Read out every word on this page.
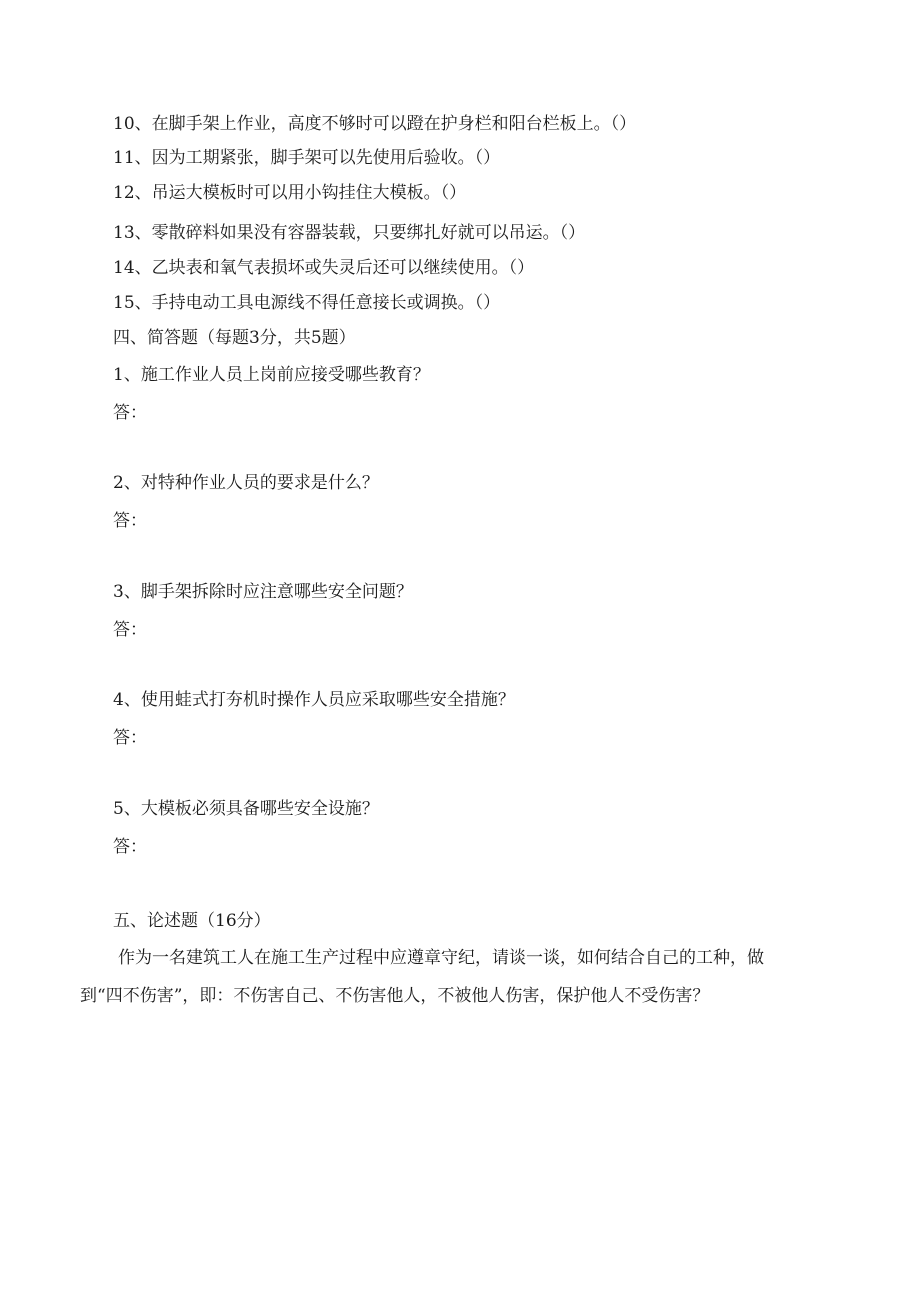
10、在脚手架上作业，高度不够时可以蹬在护身栏和阳台栏板上。（）
11、因为工期紧张，脚手架可以先使用后验收。（）
12、吊运大模板时可以用小钩挂住大模板。（）
13、零散碎料如果没有容器装载，只要绑扎好就可以吊运。（）
14、乙块表和氧气表损坏或失灵后还可以继续使用。（）
15、手持电动工具电源线不得任意接长或调换。（）
四、简答题（每题3分，共5题）
1、施工作业人员上岗前应接受哪些教育？
答：
2、对特种作业人员的要求是什么？
答：
3、脚手架拆除时应注意哪些安全问题？
答：
4、使用蛙式打夯机时操作人员应采取哪些安全措施？
答：
5、大模板必须具备哪些安全设施？
答：
五、论述题（16分）
作为一名建筑工人在施工生产过程中应遵章守纪，请谈一谈，如何结合自己的工种，做
到“四不伤害”，即：不伤害自己、不伤害他人，不被他人伤害，保护他人不受伤害？
